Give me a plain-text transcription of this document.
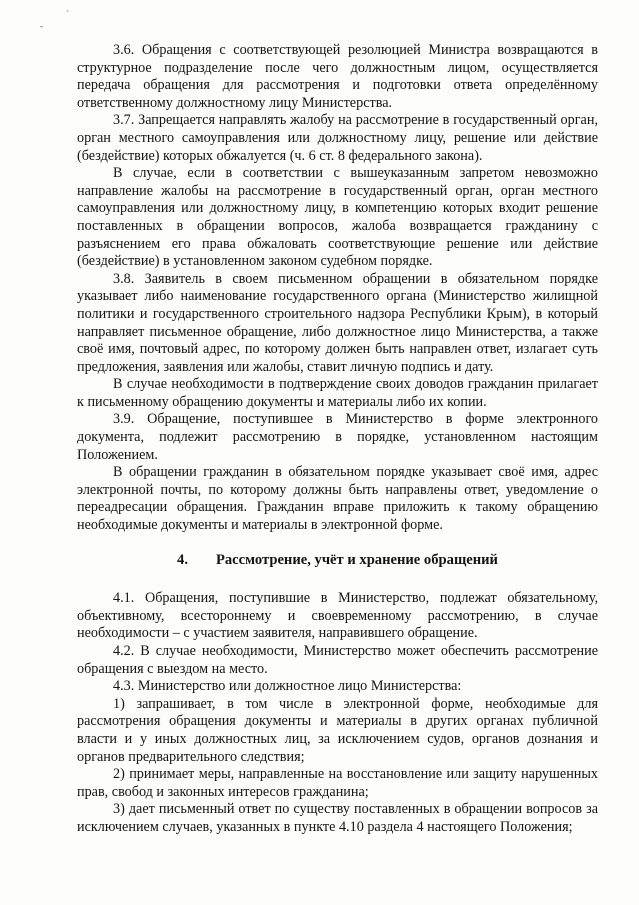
´
-

3.6. Обращения с соответствующей резолюцией Министра возвращаются в структурное подразделение после чего должностным лицом, осуществляется передача обращения для рассмотрения и подготовки ответа определённому ответственному должностному лицу Министерства.

3.7. Запрещается направлять жалобу на рассмотрение в государственный орган, орган местного самоуправления или должностному лицу, решение или действие (бездействие) которых обжалуется (ч. 6 ст. 8 федерального закона).

В случае, если в соответствии с вышеуказанным запретом невозможно направление жалобы на рассмотрение в государственный орган, орган местного самоуправления или должностному лицу, в компетенцию которых входит решение поставленных в обращении вопросов, жалоба возвращается гражданину с разъяснением его права обжаловать соответствующие решение или действие (бездействие) в установленном законом судебном порядке.

3.8. Заявитель в своем письменном обращении в обязательном порядке указывает либо наименование государственного органа (Министерство жилищной политики и государственного строительного надзора Республики Крым), в который направляет письменное обращение, либо должностное лицо Министерства, а также своё имя, почтовый адрес, по которому должен быть направлен ответ, излагает суть предложения, заявления или жалобы, ставит личную подпись и дату.

В случае необходимости в подтверждение своих доводов гражданин прилагает к письменному обращению документы и материалы либо их копии.

3.9. Обращение, поступившее в Министерство в форме электронного документа, подлежит рассмотрению в порядке, установленном настоящим Положением.

В обращении гражданин в обязательном порядке указывает своё имя, адрес электронной почты, по которому должны быть направлены ответ, уведомление о переадресации обращения. Гражданин вправе приложить к такому обращению необходимые документы и материалы в электронной форме.

4. Рассмотрение, учёт и хранение обращений

4.1. Обращения, поступившие в Министерство, подлежат обязательному, объективному, всестороннему и своевременному рассмотрению, в случае необходимости – с участием заявителя, направившего обращение.

4.2. В случае необходимости, Министерство может обеспечить рассмотрение обращения с выездом на место.

4.3. Министерство или должностное лицо Министерства:

1) запрашивает, в том числе в электронной форме, необходимые для рассмотрения обращения документы и материалы в других органах публичной власти и у иных должностных лиц, за исключением судов, органов дознания и органов предварительного следствия;

2) принимает меры, направленные на восстановление или защиту нарушенных прав, свобод и законных интересов гражданина;

3) дает письменный ответ по существу поставленных в обращении вопросов за исключением случаев, указанных в пункте 4.10 раздела 4 настоящего Положения;
